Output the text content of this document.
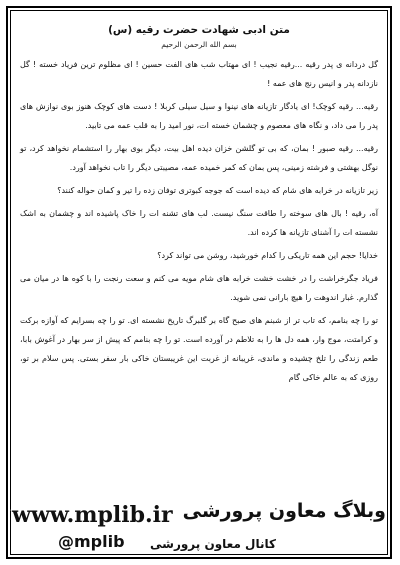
متن ادبی شهادت حضرت رقیه (س)
بسم الله الرحمن الرحیم

گل دردانه ی پدر رقیه ...رقیه نجیب ! ای مهتاب شب های الفت حسین ! ای مظلوم ترین فریاد خسته ! گل نازدانه پدر و انیس رنج های عمه !

رقیه... رقیه کوچک! ای یادگار تازیانه های نینوا و سیل سیلی کربلا ! دست های کوچک هنوز بوی نوازش های پدر را می داد، و نگاه های معصوم و چشمان خسته ات، نور امید را به قلب عمه می تابید.

رقیه... رقیه صبور ! بمان، که بی تو گلشن خزان دیده اهل بیت، دیگر بوی بهار را استشمام نخواهد کرد، تو نوگل بهشتی و فرشته زمینی، پس بمان که کمر خمیده عمه، مصیبتی دیگر را تاب نخواهد آورد.

زیر تازیانه در خرابه های شام که دیده است که جوجه کبوتری توفان زده را تیر و کمان حواله کنند؟

آه، رقیه ! بال های سوخته را طاقت سنگ نیست. لب های تشنه ات را خاک پاشیده اند و چشمان به اشک نشسته ات را آشنای تازیانه ها کرده اند.

خدایا! حجم این همه تاریکی را کدام خورشید، روشن می تواند کرد؟

فریاد جگرخراشت را در خشت خشت خرابه های شام مویه می کنم و سعت رنجت را با کوه ها در میان می گذارم. غبار اندوهت را هیچ بارانی نمی شوید.

تو را چه بنامم، که تاب تر از شبنم های صبح گاه بر گلبرگ تاریخ نشسته ای. تو را چه بسرایم که آوازه برکت و کرامتت، موج وار، همه دل ها را به تلاطم در آورده است. تو را چه بنامم که پیش از سر بهار در آغوش بابا، طعم زندگی را تلخ چشیده و ماندی، غریبانه از غربت این غریبستان خاکی بار سفر بستی. پس سلام بر تو، روزی که به عالم خاکی گام

www.mplib.ir وبلاگ معاون پرورشی
@mplib کانال معاون پرورشی
